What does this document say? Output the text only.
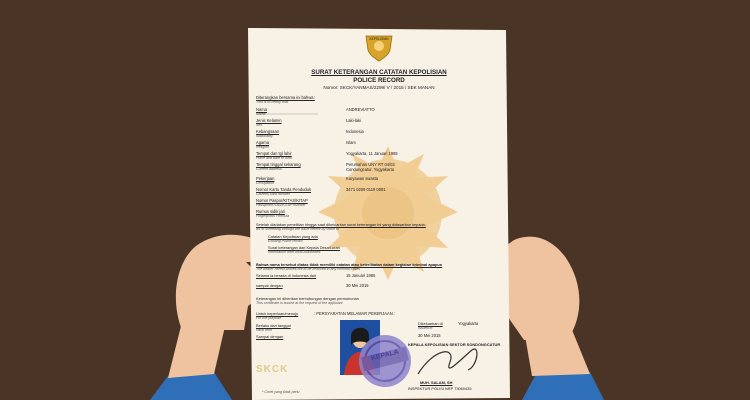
KEPOLISIAN
SURAT KETERANGAN CATATAN KEPOLISIAN
POLICE RECORD
Nomor: SKCK/YANMAS/2299/ V / 2015 / SEK MANAN
Diterangkan bersama ini bahwa:
This is to certify that
Nama
Name
ANDREVIATTO
Jenis Kelamin
Sex
Laki-laki
Kebangsaan
Nationality
Indonesia
Agama
Religion
Islam
Tempat dan tgl lahir
Place and date of birth
Yogyakarta, 11 Januari 1985
Tempat tinggal sekarang
Current address
Perumahan UNY RT 04/03
Condongcatur, Yogyakarta
Pekerjaan
Occupation
Karyawan swasta
Nomor Kartu Tanda Penduduk
Citizens card number
3471 0209 0119 0001
Nomor Paspor/KITAS/KITAP
Passport/KITAS/KITAP number
Rumus sidik jari
Fingerprints Formula
Setelah diadakan penelitian hingga saat dikeluarkan surat keterangan ini yang didasarkan kepada:
As of screening through the issue hereof by virtue of
Catatan Kepolisian yang ada
Existing Police record
Surat keterangan dari Kepala Desa/Lurah
Information from local Authorities
Bahwa nama tersebut diatas tidak memiliki catatan atau keterlibatan dalam kegiatan kriminal apapun
The bearer hereof proves not to be involved in any criminal cases
Selama ia berada di Indonesia dari	15 Januari 1985
sampai dengan	30 Mei 2015
Keterangan ini diberikan berhubungan dengan permohonan
This certificate is issued at the request of the applicant
Untuk keperluan/menuju
For the purpose
: PERSYARATAN MELAMAR PEKERJAAN :
Berlaku dari tanggal
Valid from
Sampai dengan
Dikeluarkan di
Issued in
Yogyakarta
30 Mei 2015
KEPALA KEPOLISIAN SEKTOR SONDONGCATUR
MUH. SALAM, SH
INSPEKTUR POLISI NRP 73060435
KEPALA
SKCK
* Coret yang tidak perlu
